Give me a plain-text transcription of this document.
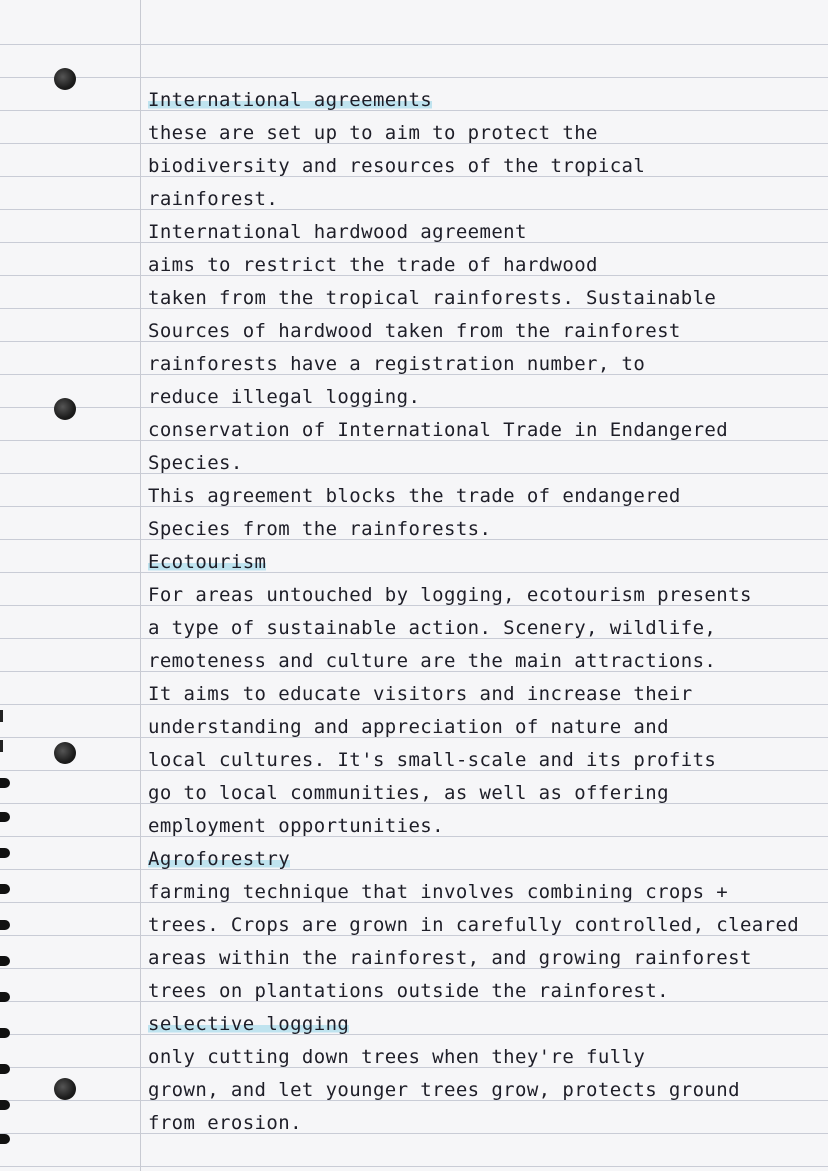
International agreements
these are set up to aim to protect the
biodiversity and resources of the tropical
rainforest.
International hardwood agreement
aims to restrict the trade of hardwood
taken from the tropical rainforests. Sustainable
Sources of hardwood taken from the rainforest
rainforests have a registration number, to
reduce illegal logging.
conservation of International Trade in Endangered
Species.
This agreement blocks the trade of endangered
Species from the rainforests.
Ecotourism
For areas untouched by logging, ecotourism presents
a type of sustainable action. Scenery, wildlife,
remoteness and culture are the main attractions.
It aims to educate visitors and increase their
understanding and appreciation of nature and
local cultures. It's small-scale and its profits
go to local communities, as well as offering
employment opportunities.
Agroforestry
farming technique that involves combining crops +
trees. Crops are grown in carefully controlled, cleared
areas within the rainforest, and growing rainforest
trees on plantations outside the rainforest.
selective logging
only cutting down trees when they're fully
grown, and let younger trees grow, protects ground
from erosion.
